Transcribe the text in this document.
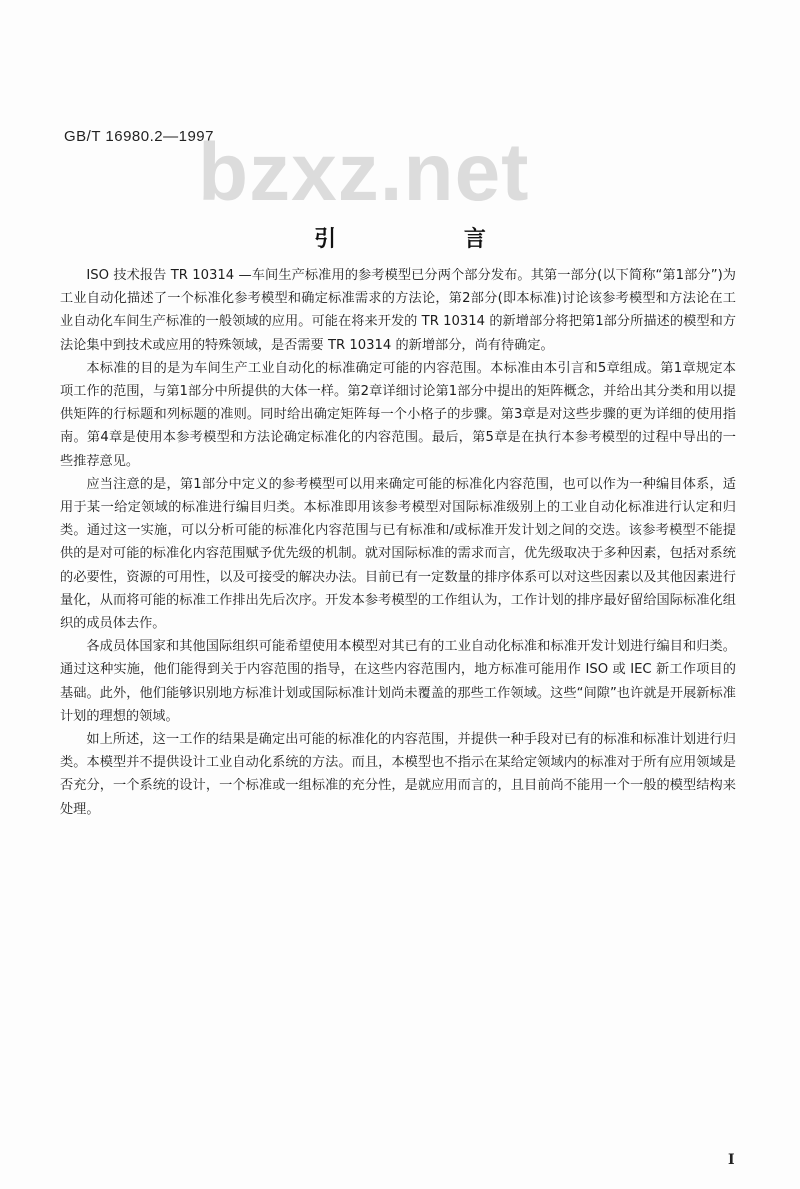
GB/T 16980.2—1997
bzxz.net
引 言

ISO 技术报告 TR 10314 —车间生产标准用的参考模型已分两个部分发布。其第一部分(以下简称“第1部分”)为工业自动化描述了一个标准化参考模型和确定标准需求的方法论，第2部分(即本标准)讨论该参考模型和方法论在工业自动化车间生产标准的一般领域的应用。可能在将来开发的 TR 10314 的新增部分将把第1部分所描述的模型和方法论集中到技术或应用的特殊领域，是否需要 TR 10314 的新增部分，尚有待确定。

本标准的目的是为车间生产工业自动化的标准确定可能的内容范围。本标准由本引言和5章组成。第1章规定本项工作的范围，与第1部分中所提供的大体一样。第2章详细讨论第1部分中提出的矩阵概念，并给出其分类和用以提供矩阵的行标题和列标题的准则。同时给出确定矩阵每一个小格子的步骤。第3章是对这些步骤的更为详细的使用指南。第4章是使用本参考模型和方法论确定标准化的内容范围。最后，第5章是在执行本参考模型的过程中导出的一些推荐意见。

应当注意的是，第1部分中定义的参考模型可以用来确定可能的标准化内容范围，也可以作为一种编目体系，适用于某一给定领域的标准进行编目归类。本标准即用该参考模型对国际标准级别上的工业自动化标准进行认定和归类。通过这一实施，可以分析可能的标准化内容范围与已有标准和/或标准开发计划之间的交迭。该参考模型不能提供的是对可能的标准化内容范围赋予优先级的机制。就对国际标准的需求而言，优先级取决于多种因素，包括对系统的必要性，资源的可用性，以及可接受的解决办法。目前已有一定数量的排序体系可以对这些因素以及其他因素进行量化，从而将可能的标准工作排出先后次序。开发本参考模型的工作组认为，工作计划的排序最好留给国际标准化组织的成员体去作。

各成员体国家和其他国际组织可能希望使用本模型对其已有的工业自动化标准和标准开发计划进行编目和归类。通过这种实施，他们能得到关于内容范围的指导，在这些内容范围内，地方标准可能用作 ISO 或 IEC 新工作项目的基础。此外，他们能够识别地方标准计划或国际标准计划尚未覆盖的那些工作领域。这些“间隙”也许就是开展新标准计划的理想的领域。

如上所述，这一工作的结果是确定出可能的标准化的内容范围，并提供一种手段对已有的标准和标准计划进行归类。本模型并不提供设计工业自动化系统的方法。而且，本模型也不指示在某给定领域内的标准对于所有应用领域是否充分，一个系统的设计，一个标准或一组标准的充分性，是就应用而言的，且目前尚不能用一个一般的模型结构来处理。

I
